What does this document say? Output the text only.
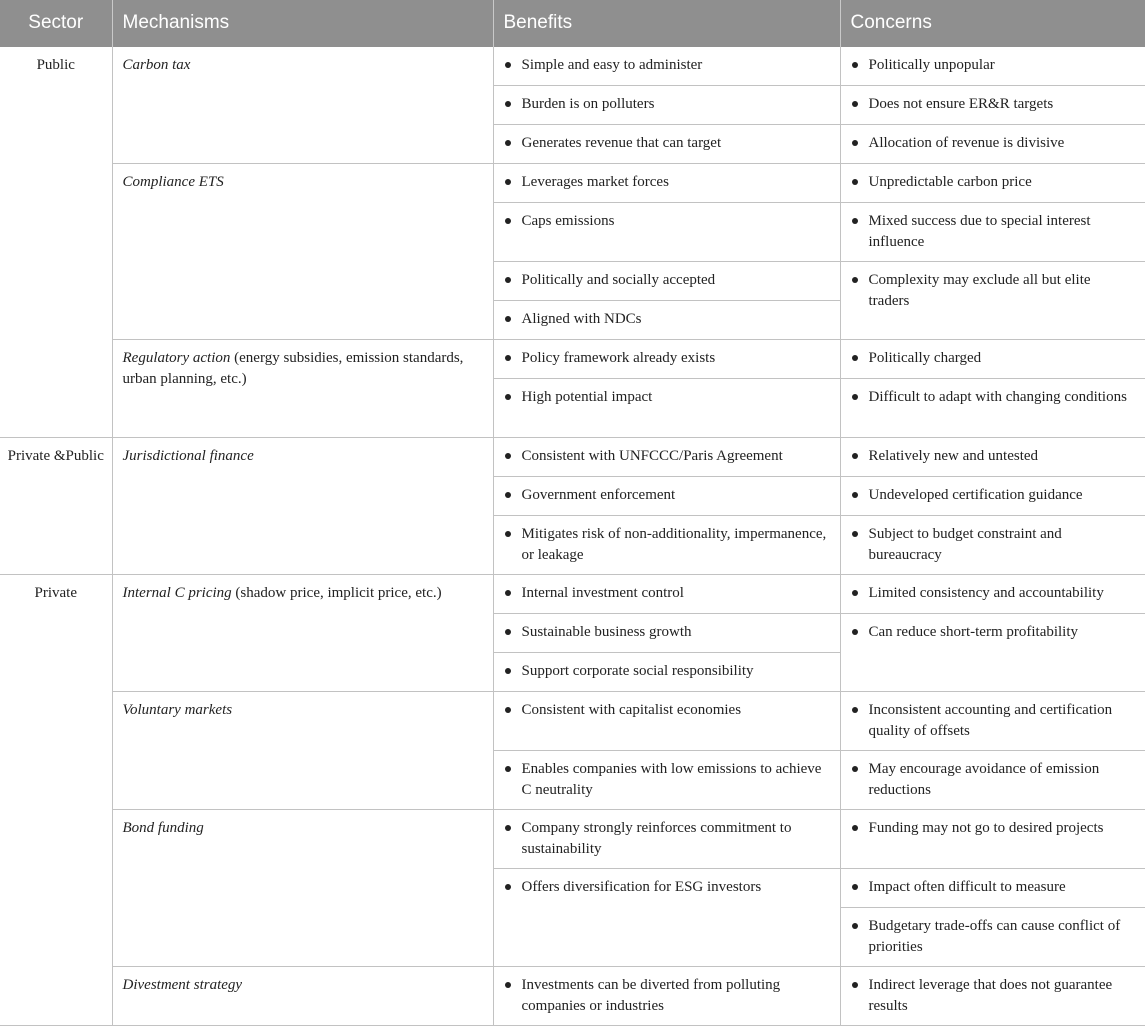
Sector	Mechanisms	Benefits	Concerns
Public	Carbon tax	Simple and easy to administer	Politically unpopular
		Burden is on polluters	Does not ensure ER&R targets
		Generates revenue that can target	Allocation of revenue is divisive
	Compliance ETS	Leverages market forces	Unpredictable carbon price
		Caps emissions	Mixed success due to special interest influence
		Politically and socially accepted	Complexity may exclude all but elite traders
		Aligned with NDCs	
	Regulatory action (energy subsidies, emission standards, urban planning, etc.)	Policy framework already exists	Politically charged
		High potential impact	Difficult to adapt with changing conditions
Private &Public	Jurisdictional finance	Consistent with UNFCCC/Paris Agreement	Relatively new and untested
		Government enforcement	Undeveloped certification guidance
		Mitigates risk of non-additionality, impermanence, or leakage	Subject to budget constraint and bureaucracy
Private	Internal C pricing (shadow price, implicit price, etc.)	Internal investment control	Limited consistency and accountability
		Sustainable business growth	Can reduce short-term profitability
		Support corporate social responsibility	
	Voluntary markets	Consistent with capitalist economies	Inconsistent accounting and certification quality of offsets
		Enables companies with low emissions to achieve C neutrality	May encourage avoidance of emission reductions
	Bond funding	Company strongly reinforces commitment to sustainability	Funding may not go to desired projects
		Offers diversification for ESG investors	Impact often difficult to measure
			Budgetary trade-offs can cause conflict of priorities
	Divestment strategy	Investments can be diverted from polluting companies or industries	Indirect leverage that does not guarantee results
